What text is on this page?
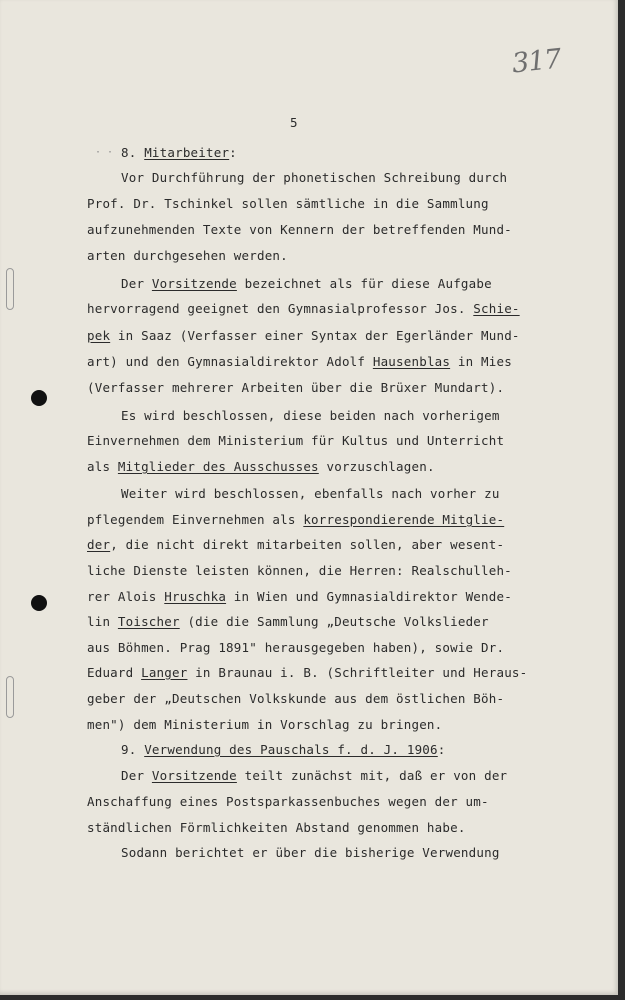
317
5
· · 8. Mitarbeiter:
Vor Durchführung der phonetischen Schreibung durch
Prof. Dr. Tschinkel sollen sämtliche in die Sammlung
aufzunehmenden Texte von Kennern der betreffenden Mund-
arten durchgesehen werden.
Der Vorsitzende bezeichnet als für diese Aufgabe
hervorragend geeignet den Gymnasialprofessor Jos. Schie-
pek in Saaz (Verfasser einer Syntax der Egerländer Mund-
art) und den Gymnasialdirektor Adolf Hausenblas in Mies
(Verfasser mehrerer Arbeiten über die Brüxer Mundart).
Es wird beschlossen, diese beiden nach vorherigem
Einvernehmen dem Ministerium für Kultus und Unterricht
als Mitglieder des Ausschusses vorzuschlagen.
Weiter wird beschlossen, ebenfalls nach vorher zu
pflegendem Einvernehmen als korrespondierende Mitglie-
der, die nicht direkt mitarbeiten sollen, aber wesent-
liche Dienste leisten können, die Herren: Realschulleh-
rer Alois Hruschka in Wien und Gymnasialdirektor Wende-
lin Toischer (die die Sammlung „Deutsche Volkslieder
aus Böhmen. Prag 1891" herausgegeben haben), sowie Dr.
Eduard Langer in Braunau i. B. (Schriftleiter und Heraus-
geber der „Deutschen Volkskunde aus dem östlichen Böh-
men") dem Ministerium in Vorschlag zu bringen.
9. Verwendung des Pauschals f. d. J. 1906:
Der Vorsitzende teilt zunächst mit, daß er von der
Anschaffung eines Postsparkassenbuches wegen der um-
ständlichen Förmlichkeiten Abstand genommen habe.
Sodann berichtet er über die bisherige Verwendung
